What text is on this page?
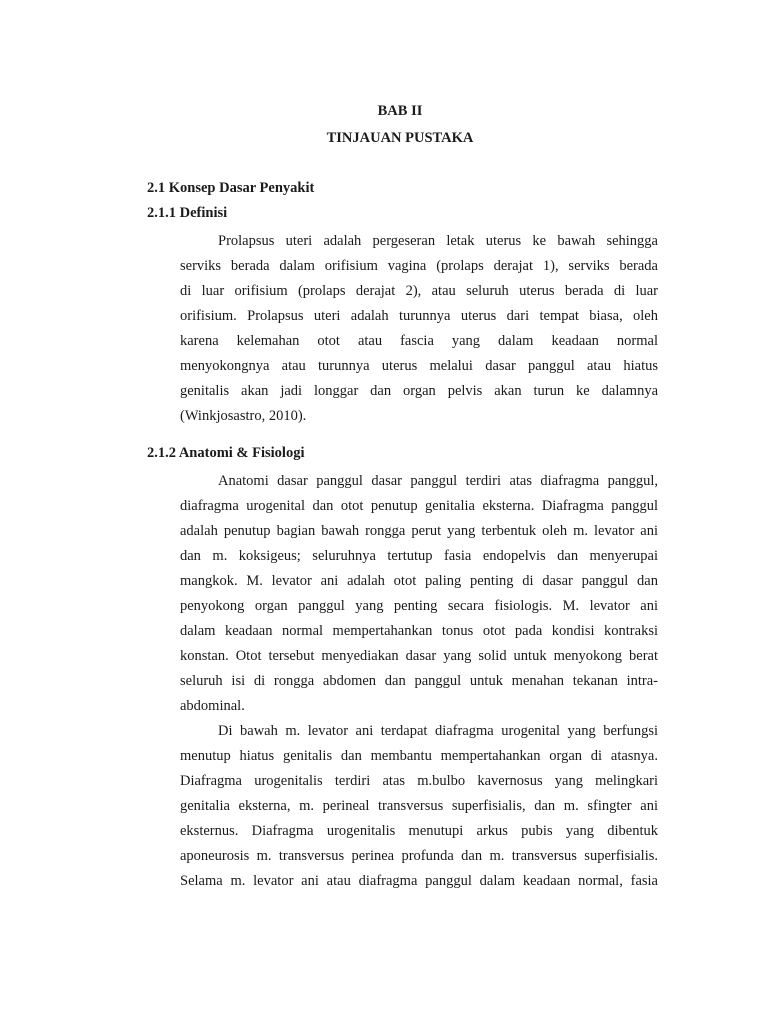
BAB II
TINJAUAN PUSTAKA
2.1 Konsep Dasar Penyakit
2.1.1 Definisi
Prolapsus uteri adalah pergeseran letak uterus ke bawah sehingga
serviks berada dalam orifisium vagina (prolaps derajat 1), serviks berada
di luar orifisium (prolaps derajat 2), atau seluruh uterus berada di luar
orifisium. Prolapsus uteri adalah turunnya uterus dari tempat biasa, oleh
karena kelemahan otot atau fascia yang dalam keadaan normal
menyokongnya atau turunnya uterus melalui dasar panggul atau hiatus
genitalis akan jadi longgar dan organ pelvis akan turun ke dalamnya
(Winkjosastro, 2010).
2.1.2 Anatomi & Fisiologi
Anatomi dasar panggul dasar panggul terdiri atas diafragma panggul,
diafragma urogenital dan otot penutup genitalia eksterna. Diafragma panggul
adalah penutup bagian bawah rongga perut yang terbentuk oleh m. levator ani
dan m. koksigeus; seluruhnya tertutup fasia endopelvis dan menyerupai
mangkok. M. levator ani adalah otot paling penting di dasar panggul dan
penyokong organ panggul yang penting secara fisiologis. M. levator ani
dalam keadaan normal mempertahankan tonus otot pada kondisi kontraksi
konstan. Otot tersebut menyediakan dasar yang solid untuk menyokong berat
seluruh isi di rongga abdomen dan panggul untuk menahan tekanan intra-
abdominal.
Di bawah m. levator ani terdapat diafragma urogenital yang berfungsi
menutup hiatus genitalis dan membantu mempertahankan organ di atasnya.
Diafragma urogenitalis terdiri atas m.bulbo kavernosus yang melingkari
genitalia eksterna, m. perineal transversus superfisialis, dan m. sfingter ani
eksternus. Diafragma urogenitalis menutupi arkus pubis yang dibentuk
aponeurosis m. transversus perinea profunda dan m. transversus superfisialis.
Selama m. levator ani atau diafragma panggul dalam keadaan normal, fasia
